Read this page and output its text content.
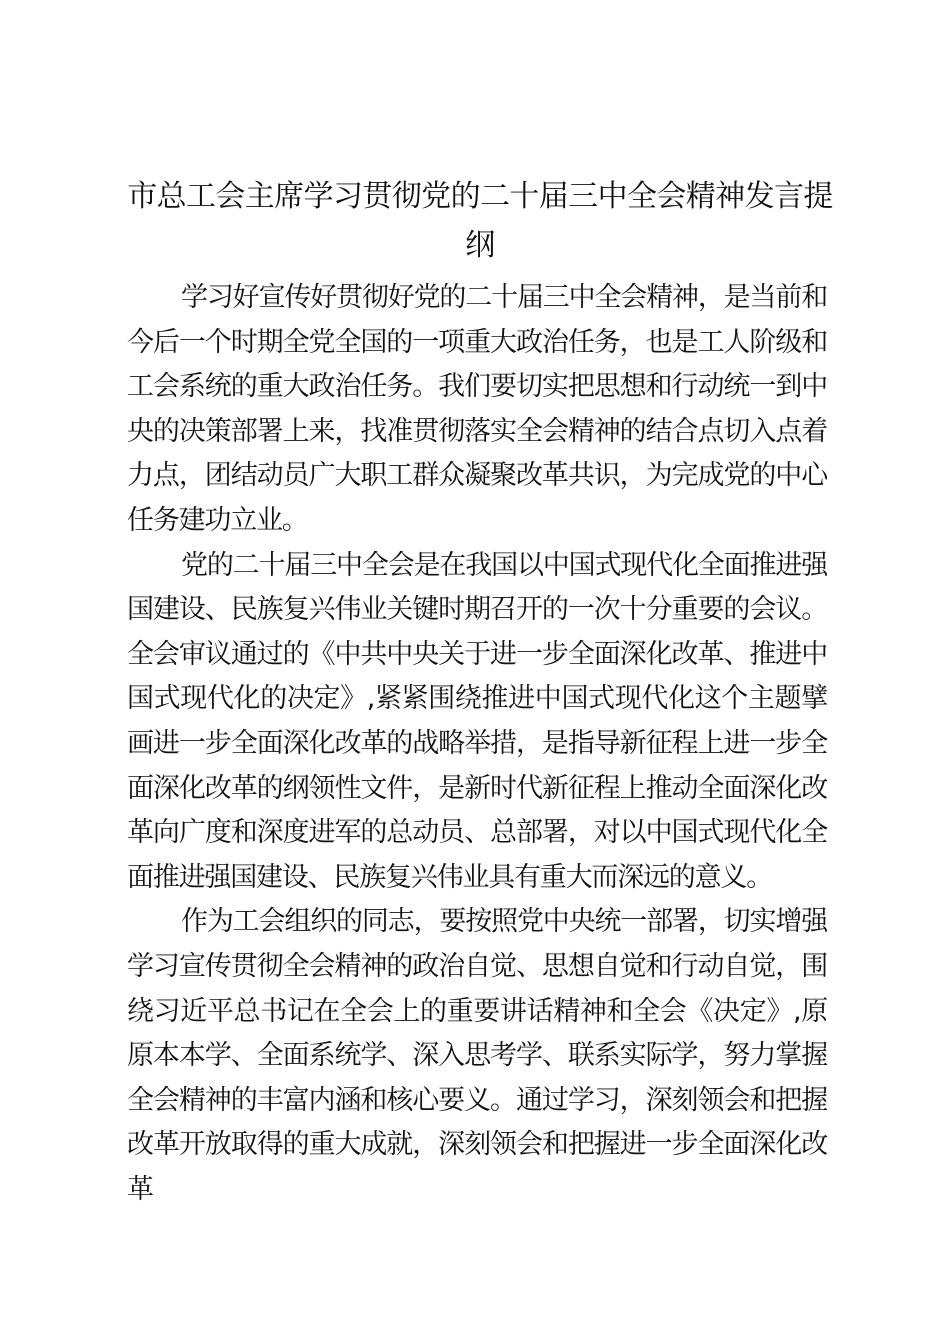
市总工会主席学习贯彻党的二十届三中全会精神发言提纲

学习好宣传好贯彻好党的二十届三中全会精神，是当前和今后一个时期全党全国的一项重大政治任务，也是工人阶级和工会系统的重大政治任务。我们要切实把思想和行动统一到中央的决策部署上来，找准贯彻落实全会精神的结合点切入点着力点，团结动员广大职工群众凝聚改革共识，为完成党的中心任务建功立业。

党的二十届三中全会是在我国以中国式现代化全面推进强国建设、民族复兴伟业关键时期召开的一次十分重要的会议。全会审议通过的《中共中央关于进一步全面深化改革、推进中国式现代化的决定》,紧紧围绕推进中国式现代化这个主题擘画进一步全面深化改革的战略举措，是指导新征程上进一步全面深化改革的纲领性文件，是新时代新征程上推动全面深化改革向广度和深度进军的总动员、总部署，对以中国式现代化全面推进强国建设、民族复兴伟业具有重大而深远的意义。

作为工会组织的同志，要按照党中央统一部署，切实增强学习宣传贯彻全会精神的政治自觉、思想自觉和行动自觉，围绕习近平总书记在全会上的重要讲话精神和全会《决定》,原原本本学、全面系统学、深入思考学、联系实际学，努力掌握全会精神的丰富内涵和核心要义。通过学习，深刻领会和把握改革开放取得的重大成就，深刻领会和把握进一步全面深化改革
